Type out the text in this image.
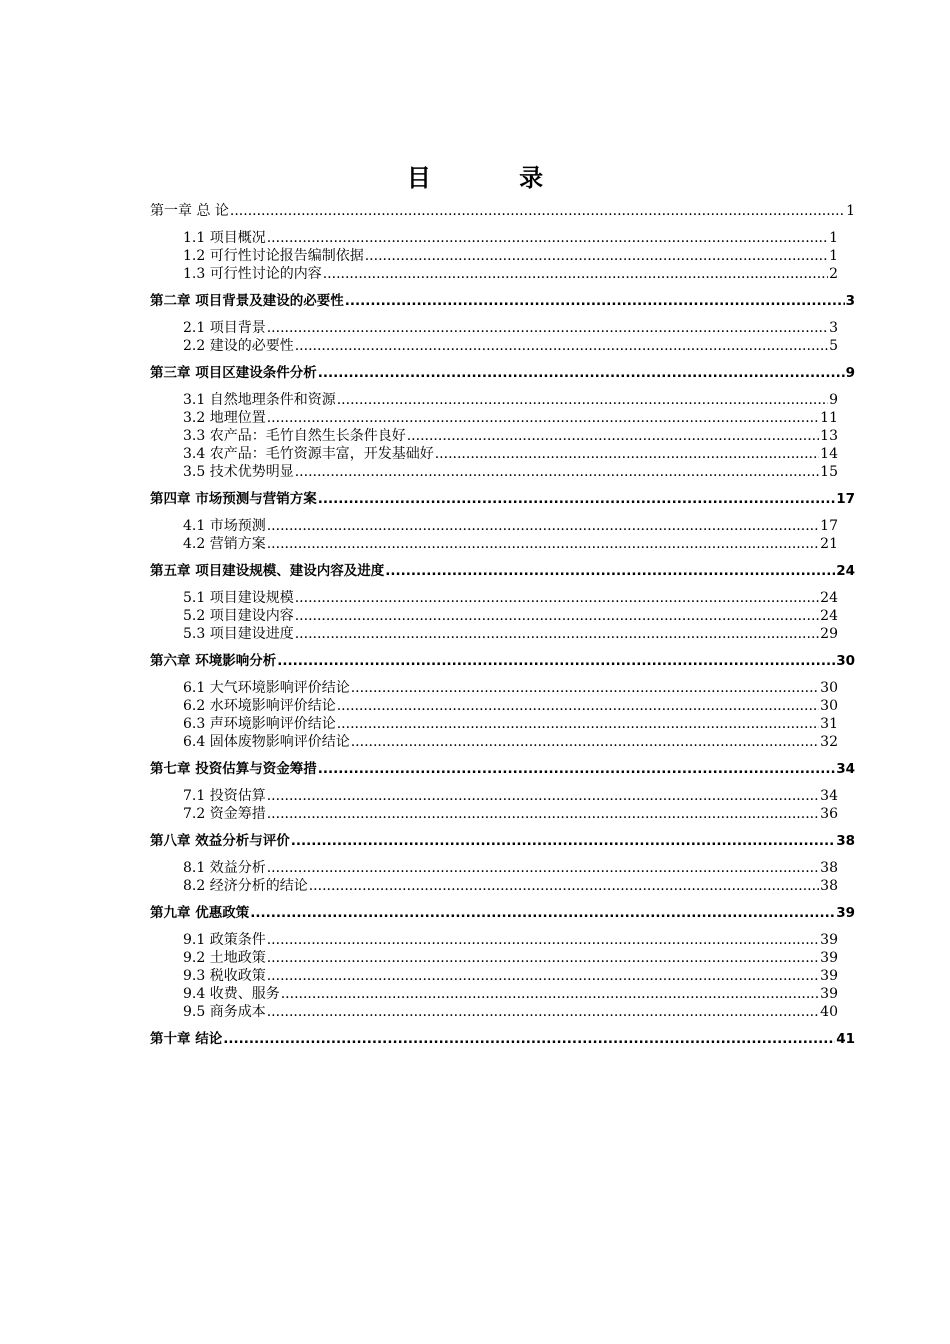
目 录
第一章 总 论 .....	1
1.1 项目概况 .....	1
1.2 可行性讨论报告编制依据 .....	1
1.3 可行性讨论的内容 .....	2
第二章 项目背景及建设的必要性 .....	3
2.1 项目背景 .....	3
2.2 建设的必要性 .....	5
第三章 项目区建设条件分析 .....	9
3.1 自然地理条件和资源 .....	9
3.2 地理位置 .....	11
3.3 农产品：毛竹自然生长条件良好 .....	13
3.4 农产品：毛竹资源丰富，开发基础好 .....	14
3.5 技术优势明显 .....	15
第四章 市场预测与营销方案 .....	17
4.1 市场预测 .....	17
4.2 营销方案 .....	21
第五章 项目建设规模、建设内容及进度 .....	24
5.1 项目建设规模 .....	24
5.2 项目建设内容 .....	24
5.3 项目建设进度 .....	29
第六章 环境影响分析 .....	30
6.1 大气环境影响评价结论 .....	30
6.2 水环境影响评价结论 .....	30
6.3 声环境影响评价结论 .....	31
6.4 固体废物影响评价结论 .....	32
第七章 投资估算与资金筹措 .....	34
7.1 投资估算 .....	34
7.2 资金筹措 .....	36
第八章 效益分析与评价 .....	38
8.1 效益分析 .....	38
8.2 经济分析的结论 .....	38
第九章 优惠政策 .....	39
9.1 政策条件 .....	39
9.2 土地政策 .....	39
9.3 税收政策 .....	39
9.4 收费、服务 .....	39
9.5 商务成本 .....	40
第十章 结论 .....	41
